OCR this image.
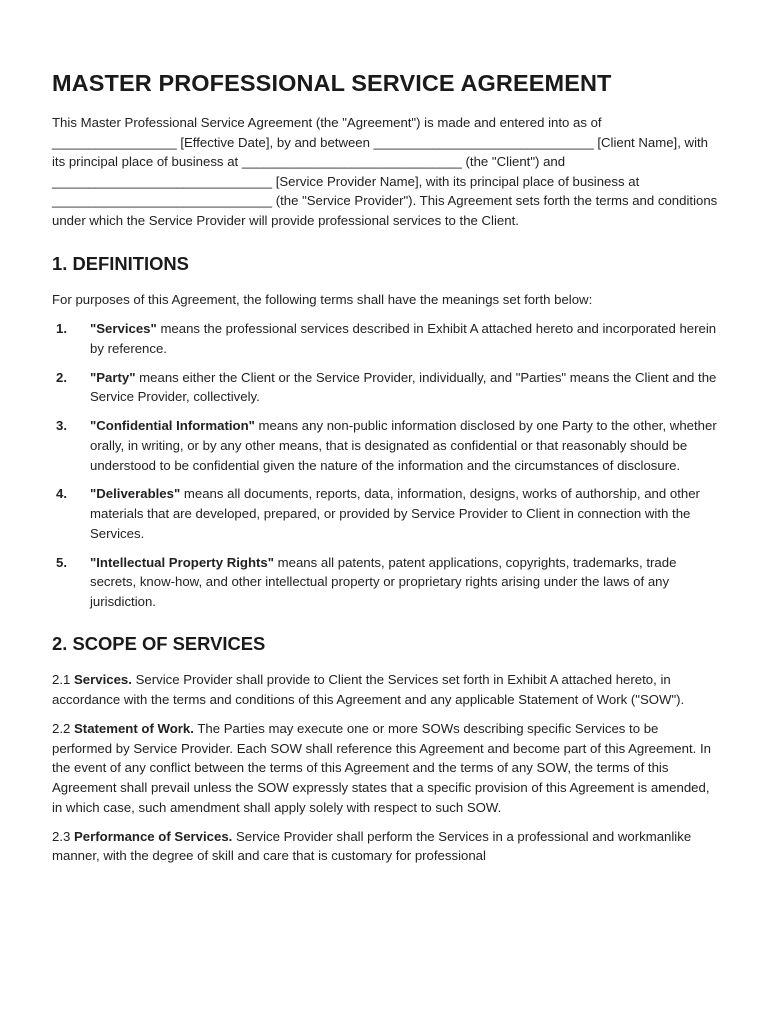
MASTER PROFESSIONAL SERVICE AGREEMENT

This Master Professional Service Agreement (the "Agreement") is made and entered into as of _________________ [Effective Date], by and between ______________________________ [Client Name], with its principal place of business at ______________________________ (the "Client") and ______________________________ [Service Provider Name], with its principal place of business at ______________________________ (the "Service Provider"). This Agreement sets forth the terms and conditions under which the Service Provider will provide professional services to the Client.

1. DEFINITIONS

For purposes of this Agreement, the following terms shall have the meanings set forth below:

1. "Services" means the professional services described in Exhibit A attached hereto and incorporated herein by reference.
2. "Party" means either the Client or the Service Provider, individually, and "Parties" means the Client and the Service Provider, collectively.
3. "Confidential Information" means any non-public information disclosed by one Party to the other, whether orally, in writing, or by any other means, that is designated as confidential or that reasonably should be understood to be confidential given the nature of the information and the circumstances of disclosure.
4. "Deliverables" means all documents, reports, data, information, designs, works of authorship, and other materials that are developed, prepared, or provided by Service Provider to Client in connection with the Services.
5. "Intellectual Property Rights" means all patents, patent applications, copyrights, trademarks, trade secrets, know-how, and other intellectual property or proprietary rights arising under the laws of any jurisdiction.
2. SCOPE OF SERVICES

2.1 Services. Service Provider shall provide to Client the Services set forth in Exhibit A attached hereto, in accordance with the terms and conditions of this Agreement and any applicable Statement of Work ("SOW").

2.2 Statement of Work. The Parties may execute one or more SOWs describing specific Services to be performed by Service Provider. Each SOW shall reference this Agreement and become part of this Agreement. In the event of any conflict between the terms of this Agreement and the terms of any SOW, the terms of this Agreement shall prevail unless the SOW expressly states that a specific provision of this Agreement is amended, in which case, such amendment shall apply solely with respect to such SOW.

2.3 Performance of Services. Service Provider shall perform the Services in a professional and workmanlike manner, with the degree of skill and care that is customary for professional
